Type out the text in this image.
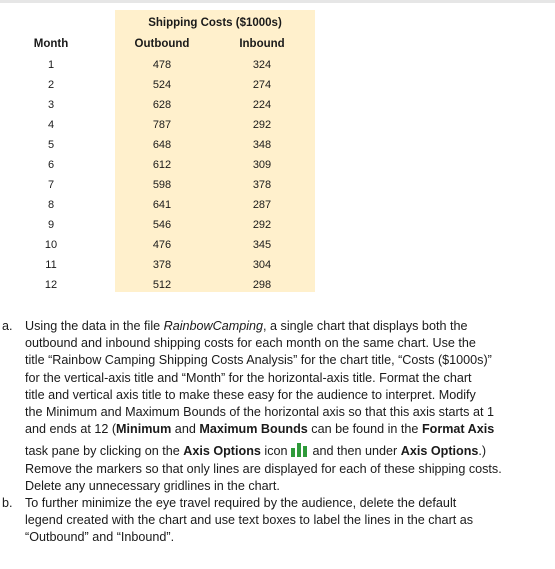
Shipping Costs ($1000s)
Month	Outbound	Inbound
1	478	324
2	524	274
3	628	224
4	787	292
5	648	348
6	612	309
7	598	378
8	641	287
9	546	292
10	476	345
11	378	304
12	512	298
a. Using the data in the file RainbowCamping, a single chart that displays both the
outbound and inbound shipping costs for each month on the same chart. Use the
title “Rainbow Camping Shipping Costs Analysis” for the chart title, “Costs ($1000s)”
for the vertical-axis title and “Month” for the horizontal-axis title. Format the chart
title and vertical axis title to make these easy for the audience to interpret. Modify
the Minimum and Maximum Bounds of the horizontal axis so that this axis starts at 1
and ends at 12 (Minimum and Maximum Bounds can be found in the Format Axis
task pane by clicking on the Axis Options icon and then under Axis Options.)
Remove the markers so that only lines are displayed for each of these shipping costs.
Delete any unnecessary gridlines in the chart.
b. To further minimize the eye travel required by the audience, delete the default
legend created with the chart and use text boxes to label the lines in the chart as
“Outbound” and “Inbound”.
